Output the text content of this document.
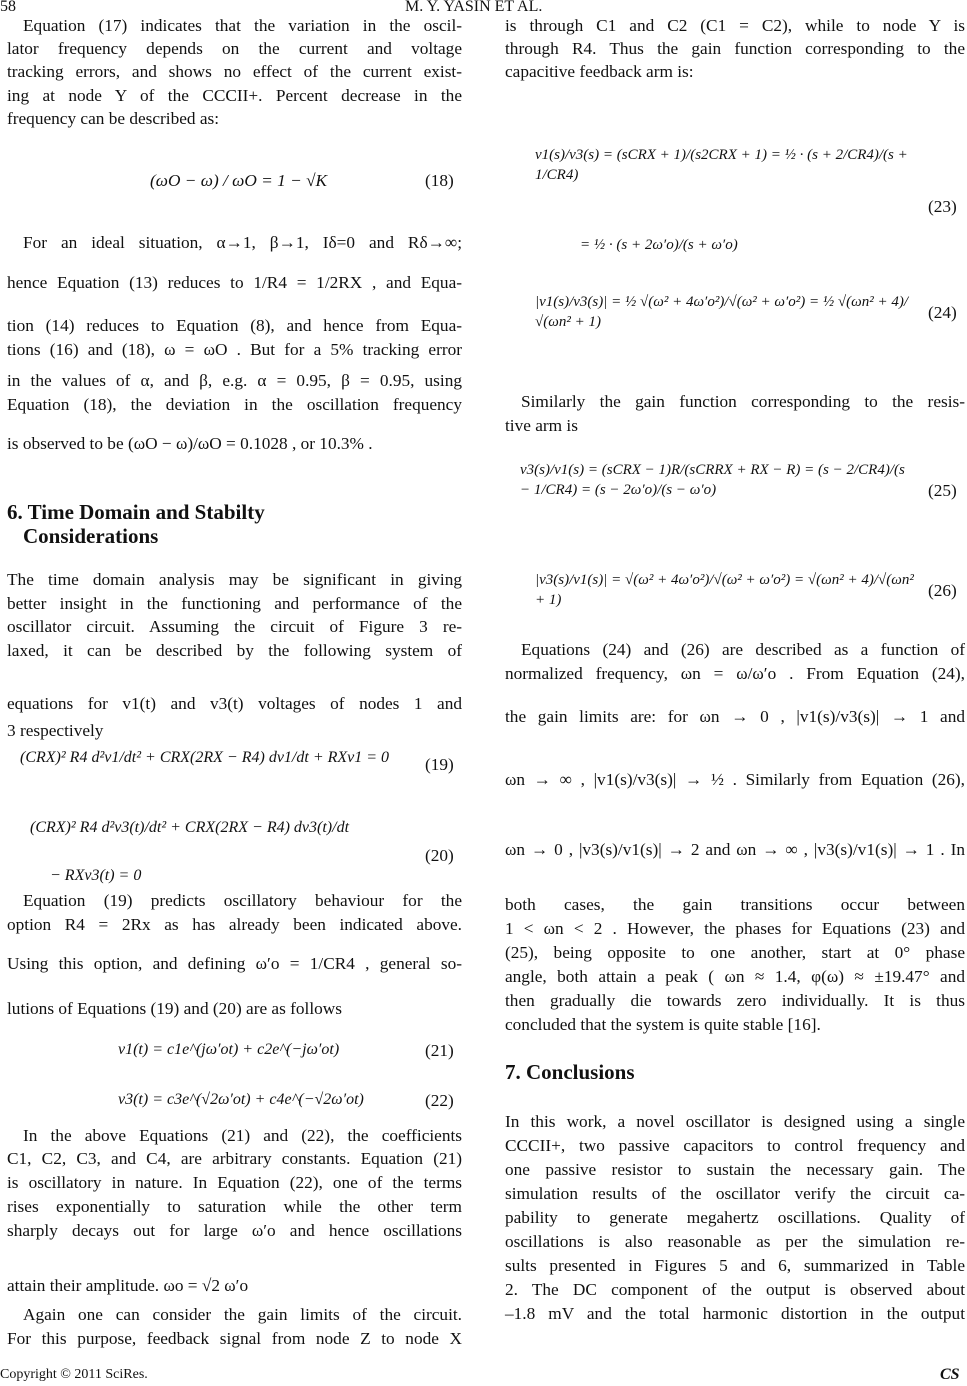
58	M. Y. YASIN ET AL.
(ωO − ω) / ωO = 1 − √K	(18)
6. Time Domain and Stabilty
Considerations
(CRX)² R4 d²v1/dt² + CRX(2RX − R4) dv1/dt + RXv1 = 0	(19)
(CRX)² R4 d²v3(t)/dt² + CRX(2RX − R4) dv3(t)/dt
− RXv3(t) = 0
(20)
v1(t) = c1e^(jω′ot) + c2e^(−jω′ot)	(21)
v3(t) = c3e^(√2ω′ot) + c4e^(−√2ω′ot)	(22)
v1(s)/v3(s) = (sCRX + 1)/(s2CRX + 1) = ½ · (s + 2/CR4)/(s + 1/CR4)
= ½ · (s + 2ω′o)/(s + ω′o)
(23)
|v1(s)/v3(s)| = ½ √(ω² + 4ω′o²)/√(ω² + ω′o²) = ½ √(ωn² + 4)/√(ωn² + 1)	(24)
v3(s)/v1(s) = (sCRX − 1)R/(sCRRX + RX − R) = (s − 2/CR4)/(s − 1/CR4) = (s − 2ω′o)/(s − ω′o)	(25)
|v3(s)/v1(s)| = √(ω² + 4ω′o²)/√(ω² + ω′o²) = √(ωn² + 4)/√(ωn² + 1)	(26)
7. Conclusions
Copyright © 2011 SciRes.	CS
Equation (17) indicates that the variation in the oscil-
lator frequency depends on the current and voltage
tracking errors, and shows no effect of the current exist-
ing at node Y of the CCCII+. Percent decrease in the
frequency can be described as:
For an ideal situation, α→1, β→1, Iδ=0 and Rδ→∞;
hence Equation (13) reduces to 1/R4 = 1/2RX , and Equa-
tion (14) reduces to Equation (8), and hence from Equa-
tions (16) and (18), ω = ωO . But for a 5% tracking error
in the values of α, and β, e.g. α = 0.95, β = 0.95, using
Equation (18), the deviation in the oscillation frequency
is observed to be (ωO − ω)/ωO = 0.1028 , or 10.3% .
The time domain analysis may be significant in giving
better insight in the functioning and performance of the
oscillator circuit. Assuming the circuit of Figure 3 re-
laxed, it can be described by the following system of
equations for v1(t) and v3(t) voltages of nodes 1 and
3 respectively
Equation (19) predicts oscillatory behaviour for the
option R4 = 2Rx as has already been indicated above.
Using this option, and defining ω′o = 1/CR4 , general so-
lutions of Equations (19) and (20) are as follows
In the above Equations (21) and (22), the coefficients
C1, C2, C3, and C4, are arbitrary constants. Equation (21)
is oscillatory in nature. In Equation (22), one of the terms
rises exponentially to saturation while the other term
sharply decays out for large ω′o and hence oscillations
attain their amplitude. ωo = √2 ω′o
Again one can consider the gain limits of the circuit.
For this purpose, feedback signal from node Z to node X
is through C1 and C2 (C1 = C2), while to node Y is
through R4. Thus the gain function corresponding to the
capacitive feedback arm is:
Similarly the gain function corresponding to the resis-
tive arm is
Equations (24) and (26) are described as a function of
normalized frequency, ωn = ω/ω′o . From Equation (24),
the gain limits are: for ωn → 0 , |v1(s)/v3(s)| → 1 and
ωn → ∞ , |v1(s)/v3(s)| → ½ . Similarly from Equation (26),
ωn → 0 , |v3(s)/v1(s)| → 2 and ωn → ∞ , |v3(s)/v1(s)| → 1 . In
both cases, the gain transitions occur between
1 < ωn < 2 . However, the phases for Equations (23) and
(25), being opposite to one another, start at 0° phase
angle, both attain a peak ( ωn ≈ 1.4, φ(ω) ≈ ±19.47° and
then gradually die towards zero individually. It is thus
concluded that the system is quite stable [16].
In this work, a novel oscillator is designed using a single
CCCII+, two passive capacitors to control frequency and
one passive resistor to sustain the necessary gain. The
simulation results of the oscillator verify the circuit ca-
pability to generate megahertz oscillations. Quality of
oscillations is also reasonable as per the simulation re-
sults presented in Figures 5 and 6, summarized in Table
2. The DC component of the output is observed about
–1.8 mV and the total harmonic distortion in the output
